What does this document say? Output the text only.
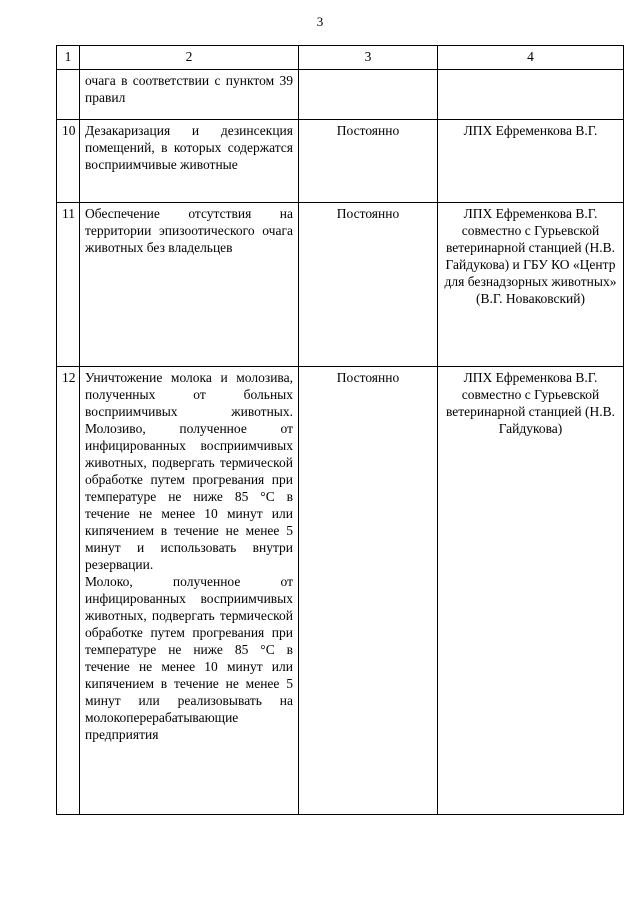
3
1	2	3	4

	очага в соответствии с пунктом 39 правил		

10	Дезакаризация и дезинсекция помещений, в которых содержатся восприимчивые животные	Постоянно	ЛПХ Ефременкова В.Г.
11	Обеспечение отсутствия на территории эпизоотического очага животных без владельцев	Постоянно	ЛПХ Ефременкова В.Г. совместно с Гурьевской ветеринарной станцией (Н.В. Гайдукова) и ГБУ КО «Центр для безнадзорных животных» (В.Г. Новаковский)
12	Уничтожение молока и молозива, полученных от больных восприимчивых животных. Молозиво, полученное от инфицированных восприимчивых животных, подвергать термической обработке путем прогревания при температуре не ниже 85 °С в течение не менее 10 минут или кипячением в течение не менее 5 минут и использовать внутри резервации.
Молоко, полученное от инфицированных восприимчивых животных, подвергать термической обработке путем прогревания при температуре не ниже 85 °С в течение не менее 10 минут или кипячением в течение не менее 5 минут или реализовывать на молокоперерабатывающие предприятия	Постоянно	ЛПХ Ефременкова В.Г. совместно с Гурьевской ветеринарной станцией (Н.В. Гайдукова)
